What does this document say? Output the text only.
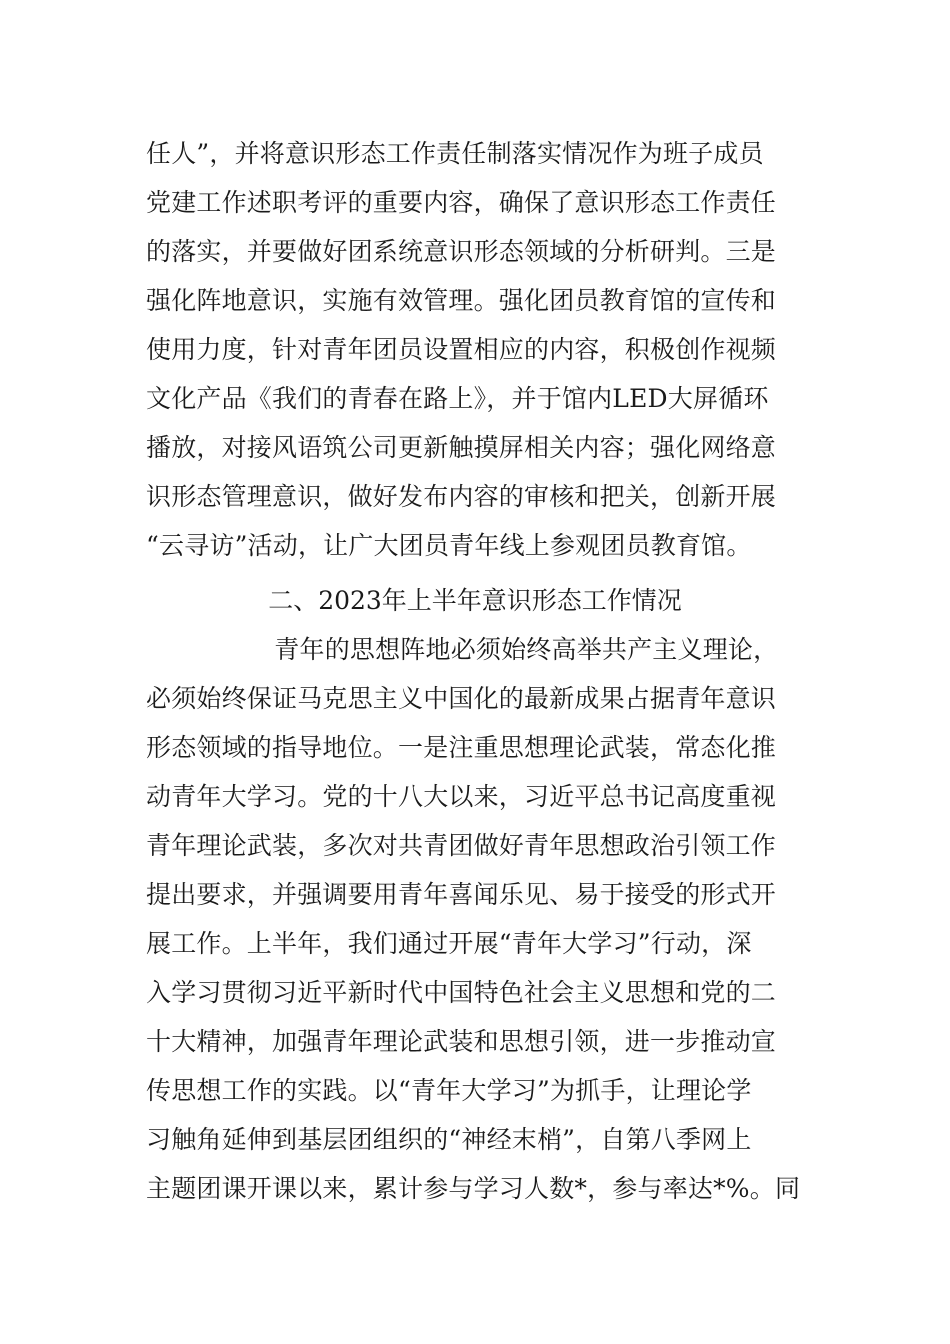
任人”，并将意识形态工作责任制落实情况作为班子成员
党建工作述职考评的重要内容，确保了意识形态工作责任
的落实，并要做好团系统意识形态领域的分析研判。三是
强化阵地意识，实施有效管理。强化团员教育馆的宣传和
使用力度，针对青年团员设置相应的内容，积极创作视频
文化产品《我们的青春在路上》，并于馆内LED大屏循环
播放，对接风语筑公司更新触摸屏相关内容；强化网络意
识形态管理意识，做好发布内容的审核和把关，创新开展
“云寻访”活动，让广大团员青年线上参观团员教育馆。
二、2023年上半年意识形态工作情况
青年的思想阵地必须始终高举共产主义理论，
必须始终保证马克思主义中国化的最新成果占据青年意识
形态领域的指导地位。一是注重思想理论武装，常态化推
动青年大学习。党的十八大以来，习近平总书记高度重视
青年理论武装，多次对共青团做好青年思想政治引领工作
提出要求，并强调要用青年喜闻乐见、易于接受的形式开
展工作。上半年，我们通过开展“青年大学习”行动，深
入学习贯彻习近平新时代中国特色社会主义思想和党的二
十大精神，加强青年理论武装和思想引领，进一步推动宣
传思想工作的实践。以“青年大学习”为抓手，让理论学
习触角延伸到基层团组织的“神经末梢”，自第八季网上
主题团课开课以来，累计参与学习人数*，参与率达*%。同
